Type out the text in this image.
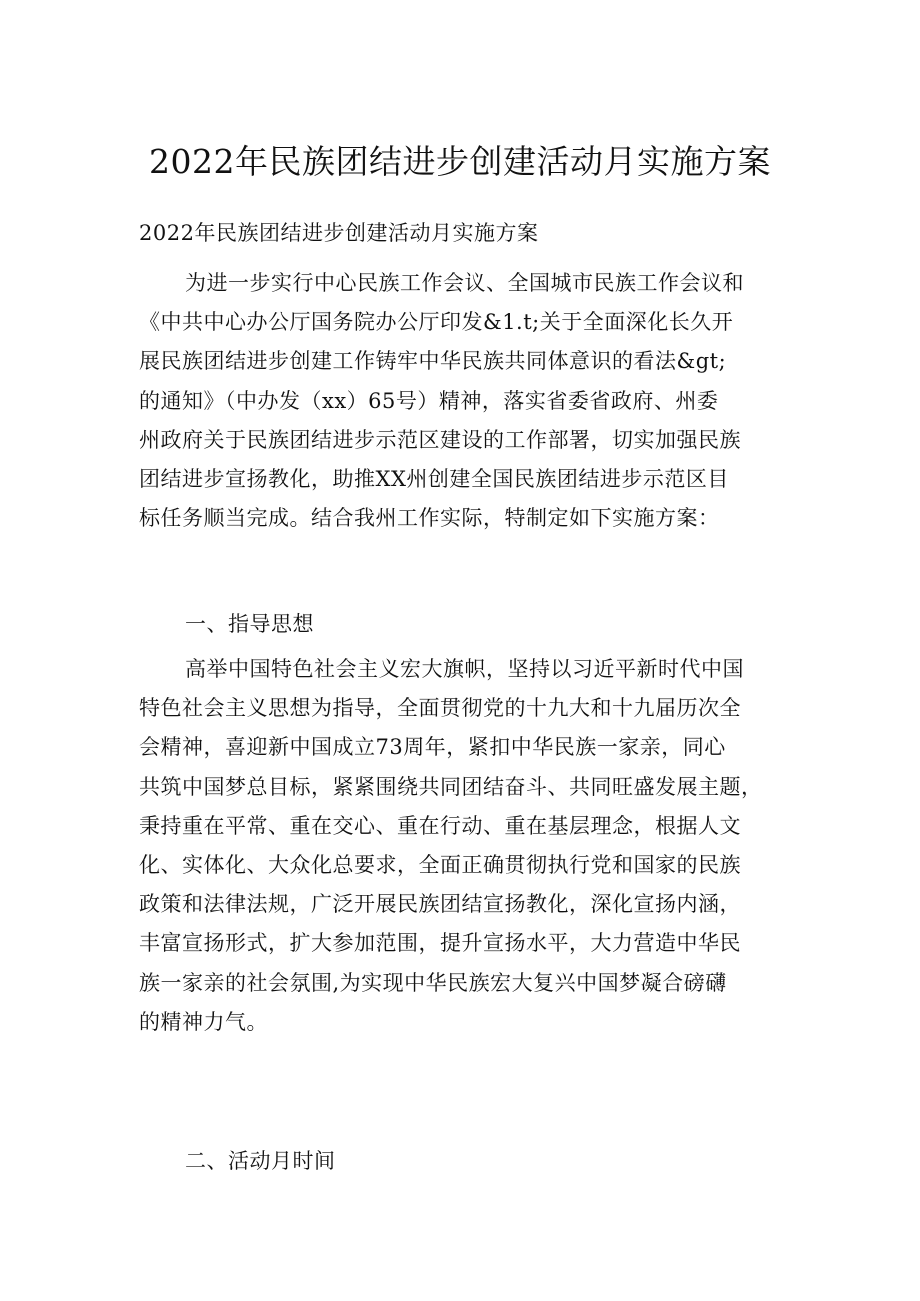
2022年民族团结进步创建活动月实施方案

2022年民族团结进步创建活动月实施方案

为进一步实行中心民族工作会议、全国城市民族工作会议和
《中共中心办公厅国务院办公厅印发&1.t;关于全面深化长久开
展民族团结进步创建工作铸牢中华民族共同体意识的看法&gt;
的通知》（中办发（xx）65号）精神，落实省委省政府、州委
州政府关于民族团结进步示范区建设的工作部署，切实加强民族
团结进步宣扬教化，助推XX州创建全国民族团结进步示范区目
标任务顺当完成。结合我州工作实际，特制定如下实施方案：

一、指导思想

高举中国特色社会主义宏大旗帜，坚持以习近平新时代中国
特色社会主义思想为指导，全面贯彻党的十九大和十九届历次全
会精神，喜迎新中国成立73周年，紧扣中华民族一家亲，同心
共筑中国梦总目标，紧紧围绕共同团结奋斗、共同旺盛发展主题，
秉持重在平常、重在交心、重在行动、重在基层理念，根据人文
化、实体化、大众化总要求，全面正确贯彻执行党和国家的民族
政策和法律法规，广泛开展民族团结宣扬教化，深化宣扬内涵，
丰富宣扬形式，扩大参加范围，提升宣扬水平，大力营造中华民
族一家亲的社会氛围,为实现中华民族宏大复兴中国梦凝合磅礴
的精神力气。

二、活动月时间
